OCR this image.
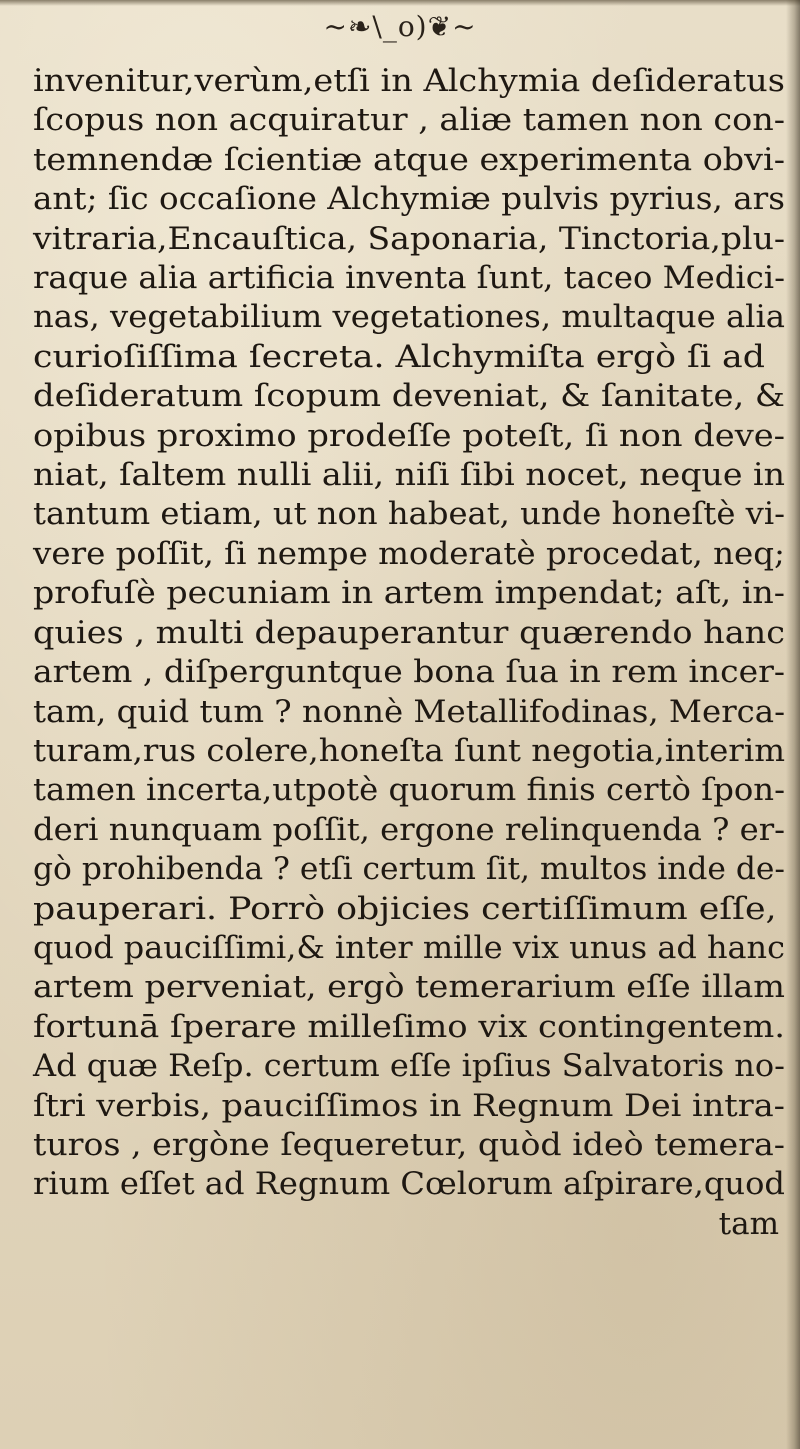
~❧\_o)❦~
invenitur,verùm,etſi in Alchymia deſideratus
ſcopus non acquiratur , aliæ tamen non con-
temnendæ ſcientiæ atque experimenta obvi-
ant; ſic occaſione Alchymiæ pulvis pyrius, ars
vitraria,Encauſtica, Saponaria, Tinctoria,plu-
raque alia artificia inventa ſunt, taceo Medici-
nas, vegetabilium vegetationes, multaque alia
curioſiſſima ſecreta. Alchymiſta ergò ſi ad
deſideratum ſcopum deveniat, & ſanitate, &
opibus proximo prodeſſe poteſt, ſi non deve-
niat, ſaltem nulli alii, niſi ſibi nocet, neque in
tantum etiam, ut non habeat, unde honeſtè vi-
vere poſſit, ſi nempe moderatè procedat, neq;
profuſè pecuniam in artem impendat; aſt, in-
quies , multi depauperantur quærendo hanc
artem , diſperguntque bona ſua in rem incer-
tam, quid tum ? nonnè Metallifodinas, Merca-
turam,rus colere,honeſta ſunt negotia,interim
tamen incerta,utpotè quorum finis certò ſpon-
deri nunquam poſſit, ergone relinquenda ? er-
gò prohibenda ? etſi certum ſit, multos inde de-
pauperari. Porrò objicies certiſſimum eſſe,
quod pauciſſimi,& inter mille vix unus ad hanc
artem perveniat, ergò temerarium eſſe illam
fortunā ſperare milleſimo vix contingentem.
Ad quæ Reſp. certum eſſe ipſius Salvatoris no-
ſtri verbis, pauciſſimos in Regnum Dei intra-
turos , ergòne ſequeretur, quòd ideò temera-
rium eſſet ad Regnum Cœlorum aſpirare,quod
tam
